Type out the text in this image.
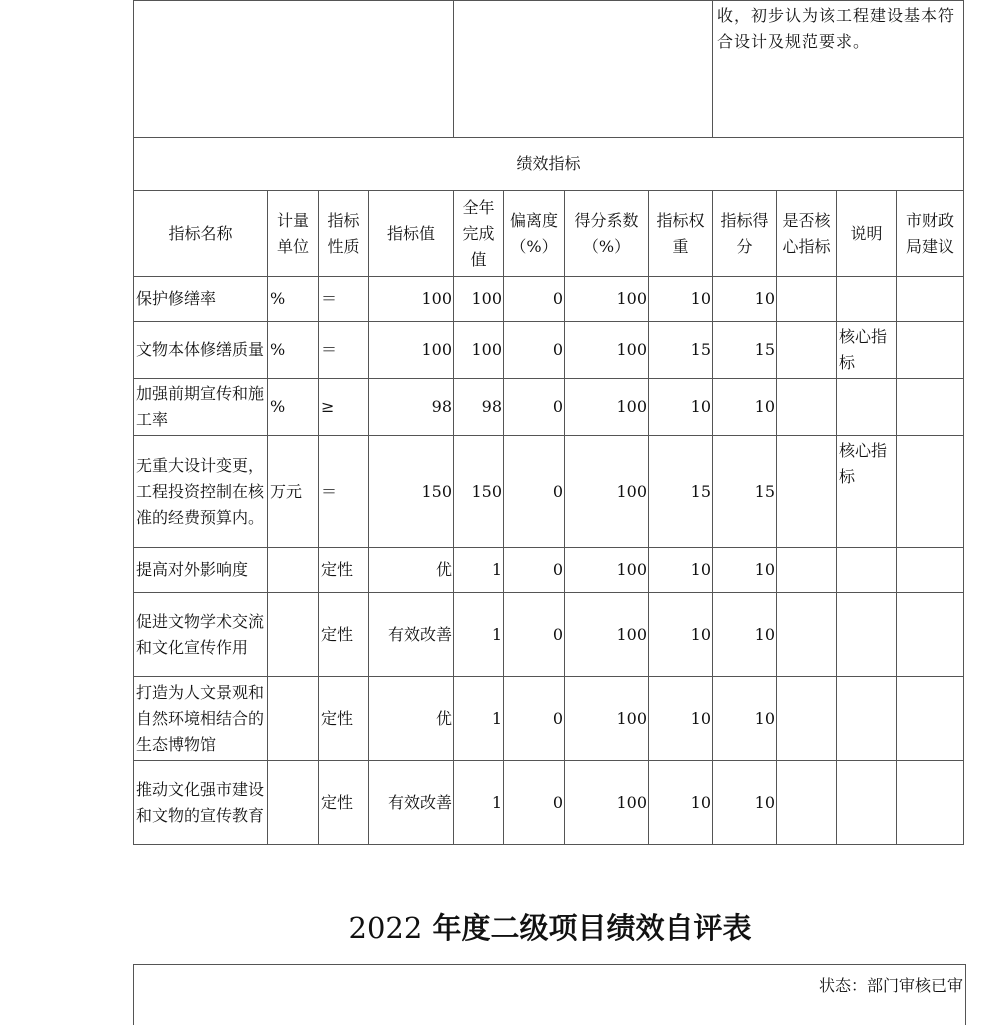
								收，初步认为该工程建设基本符合设计及规范要求。			
绩效指标											
指标名称	计量单位	指标性质	指标值	全年完成值	偏离度（%）	得分系数（%）	指标权重	指标得分	是否核心指标	说明	市财政局建议
保护修缮率	%	＝	100	100	0	100	10	10			
文物本体修缮质量	%	＝	100	100	0	100	15	15		核心指标	
加强前期宣传和施工率	%	≥	98	98	0	100	10	10			
无重大设计变更，工程投资控制在核准的经费预算内。	万元	＝	150	150	0	100	15	15		核心指标	
提高对外影响度		定性	优	1	0	100	10	10			
促进文物学术交流和文化宣传作用		定性	有效改善	1	0	100	10	10			
打造为人文景观和自然环境相结合的生态博物馆		定性	优	1	0	100	10	10			
推动文化强市建设和文物的宣传教育		定性	有效改善	1	0	100	10	10			
2022 年度二级项目绩效自评表
状态：部门审核已审
